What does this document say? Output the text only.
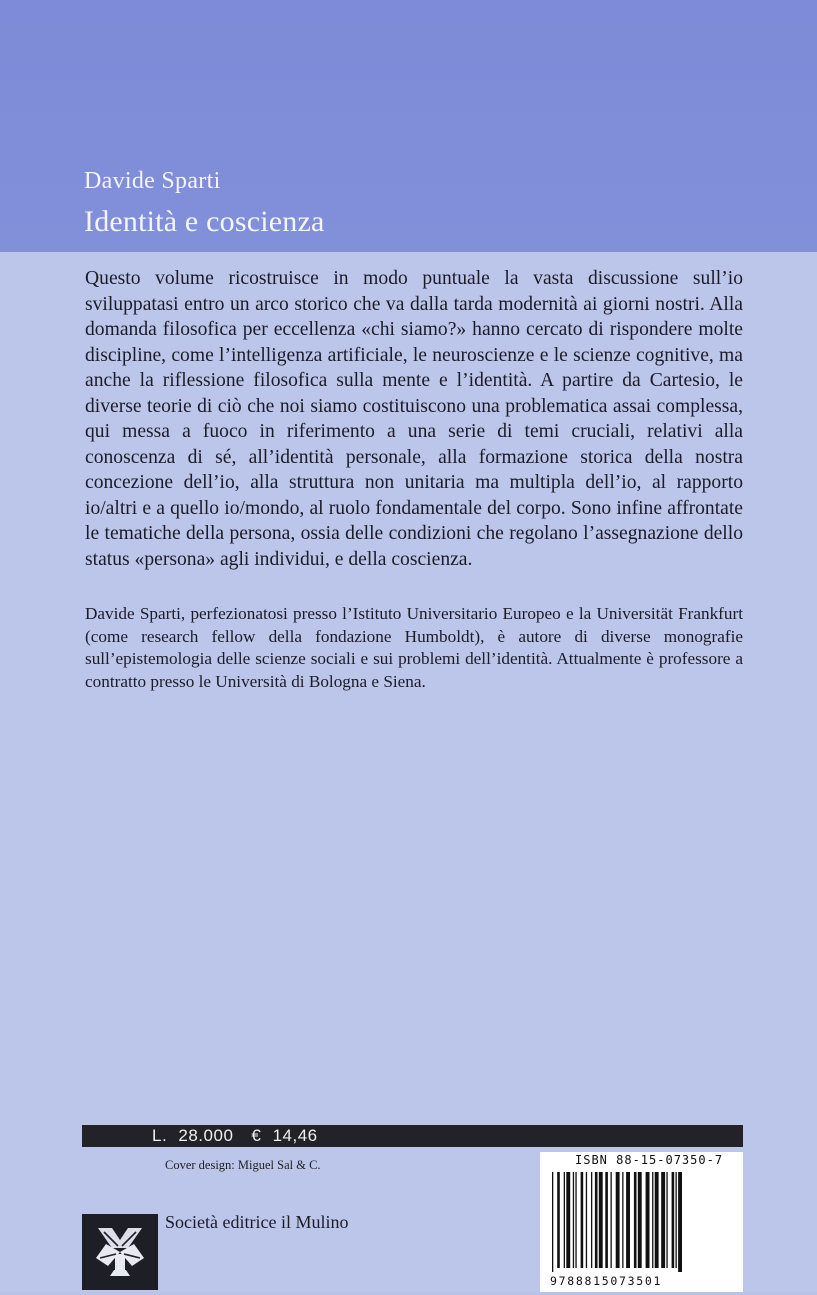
Davide Sparti
Identità e coscienza

Questo volume ricostruisce in modo puntuale la vasta discussione sull’io sviluppatasi entro un arco storico che va dalla tarda modernità ai giorni nostri. Alla domanda filosofica per eccellenza «chi siamo?» hanno cercato di rispondere molte discipline, come l’intelligenza artificiale, le neuroscienze e le scienze cognitive, ma anche la riflessione filosofica sulla mente e l’identità. A partire da Cartesio, le diverse teorie di ciò che noi siamo costituiscono una problematica assai complessa, qui messa a fuoco in riferimento a una serie di temi cruciali, relativi alla conoscenza di sé, all’identità personale, alla formazione storica della nostra concezione dell’io, alla struttura non unitaria ma multipla dell’io, al rapporto io/altri e a quello io/mondo, al ruolo fondamentale del corpo. Sono infine affrontate le tematiche della persona, ossia delle condizioni che regolano l’assegnazione dello status «persona» agli individui, e della coscienza.

Davide Sparti, perfezionatosi presso l’Istituto Universitario Europeo e la Universität Frankfurt (come research fellow della fondazione Humboldt), è autore di diverse monografie sull’epistemologia delle scienze sociali e sui problemi dell’identità. Attualmente è professore a contratto presso le Università di Bologna e Siena.

L. 28.000 € 14,46
Cover design: Miguel Sal & C.
Società editrice il Mulino
ISBN 88-15-07350-7
9788815073501
